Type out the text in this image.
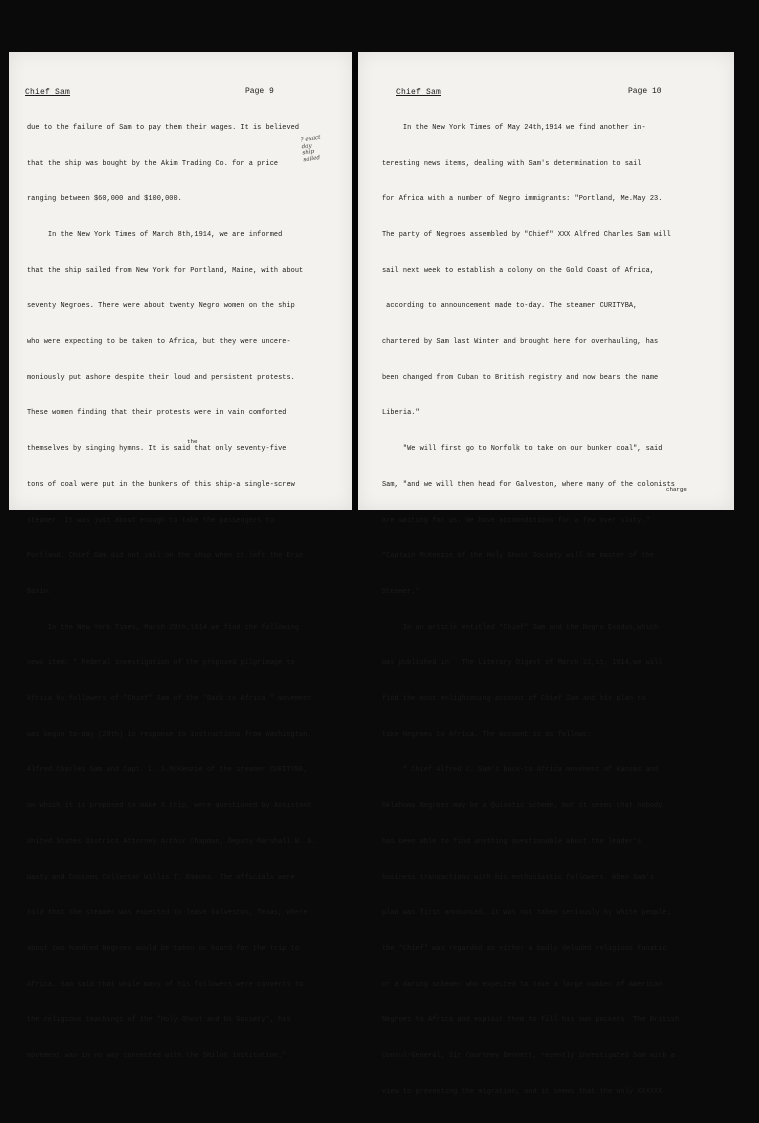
Chief Sam	Page 9
? exact
day
ship
sailed
the

due to the failure of Sam to pay them their wages. It is believed

that the ship was bought by the Akim Trading Co. for a price

ranging between $60,000 and $100,000.

In the New York Times of March 8th,1914, we are informed

that the ship sailed from New York for Portland, Maine, with about

seventy Negroes. There were about twenty Negro women on the ship

who were expecting to be taken to Africa, but they were uncere-

moniously put ashore despite their loud and persistent protests.

These women finding that their protests were in vain comforted

themselves by singing hymns. It is said that only seventy-five

tons of coal were put in the bunkers of this ship-a single-screw

steamer. It was just about enough to take the passengers to

Portland. Chief Sam did not sail on the ship when it left the Erie

Basin.

In the New York Times, March 29th,1914 we find the following

news item: " Federal investigation of the proposed pilgrimage to

Africa by followers of "Chief" Sam of the "Back to Africa " movement

was begun to-day (28th) in response to instructions from Washington.

Alfred Charles Sam and Capt. L. S.McKenzie of the steamer CURITYBA,

on which it is proposed to make X trip, were questioned by Assistant

United States District Attorney Arthur Chapman, Deputy Marshall W. S.

Wasty and Customs Collector Willis T. Emmons. The officials were

told that the steamer was expected to leave Galveston, Texas, where

about two hundred Negroes would be taken on board for the trip to

Africa. Sam said that while many of his followers were converts to

the religious teachings of the "Holy Ghost and Us Society", his

movement was in no way connected with the Shiloh institution."

Chief Sam	Page 10
charge

In the New York Times of May 24th,1914 we find another in-

teresting news items, dealing with Sam's determination to sail

for Africa with a number of Negro immigrants: "Portland, Me.May 23.

The party of Negroes assembled by "Chief" XXX Alfred Charles Sam will

sail next week to establish a colony on the Gold Coast of Africa,

according to announcement made to-day. The steamer CURITYBA,

chartered by Sam last Winter and brought here for overhauling, has

been changed from Cuban to British registry and now bears the name

Liberia."

"We will first go to Norfolk to take on our bunker coal", said

Sam, "and we will then head for Galveston, where many of the colonists

are waiting for us. We have accomodations for a few over sixty."

"Captain McKenzie of the Holy Ghost Society will be master of the

Steamer."

In an article entitled "Chief" Sam and the Negro Exodus,which

was published in   The Literary Digest of March 21,st, 1914,we will

find the most enlightening account of Chief Sam and his plan to

take Negroes to Africa. The account is as follows:

" Chief Alfred C. Sam's back-to Africa movement of Kansas and

Oklahoma Negroes may be a Quixotic scheme, but it seems that nobody

has been able to find anything questionable about the leader's

business transactions with his enthusiastic followers. When Sam's

plan was first announced, it was not taken seriously by white people;

the "Chief" was regarded as either a badly deluded religious fanatic

or a daring schemer who expected to take a large number of American

Negroes to Africa and exploit them to fill his own pockets. The British

Consul-General, Sir Courtney Bennett, recently investigated Sam with a

view to preventing the migration, and it seems that the only XXXXXX
